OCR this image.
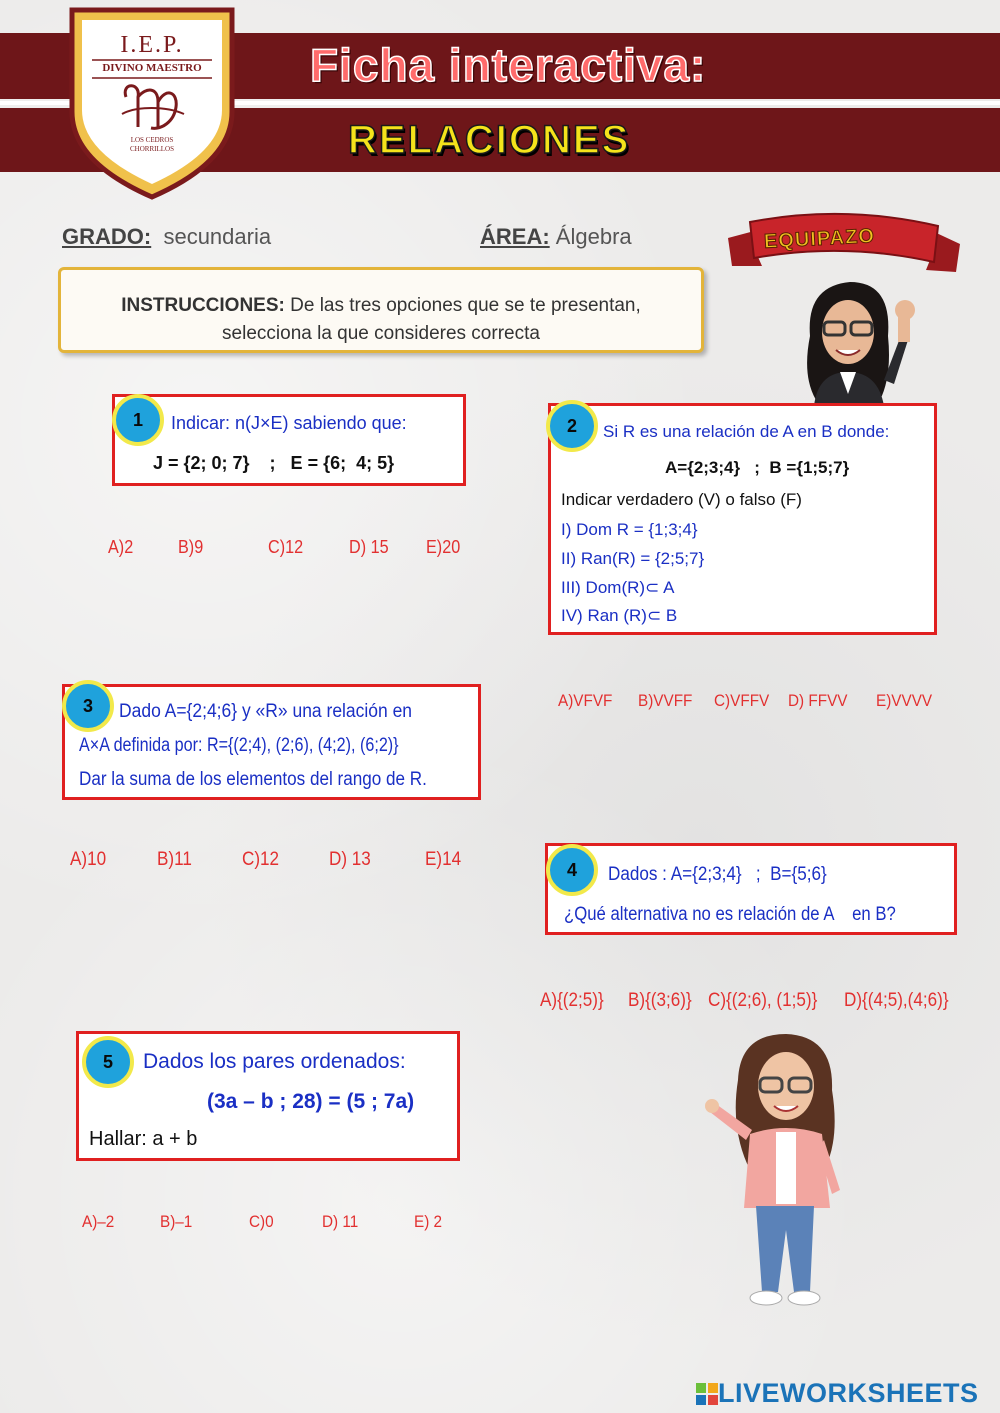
Ficha interactiva:
RELACIONES
I.E.P.
DIVINO MAESTRO
LOS CEDROS CHORRILLOS
GRADO: secundaria	ÁREA: Álgebra	EQUIPAZO
INSTRUCCIONES: De las tres opciones que se te presentan,
selecciona la que consideres correcta
Indicar: n(J×E) sabiendo que:
J = {2; 0; 7}    ;   E = {6;  4; 5}
1
A)2 B)9	C)12	D) 15 E)20
Si R es una relación de A en B donde:
A={2;3;4}   ;  B ={1;5;7}
Indicar verdadero (V) o falso (F)
I) Dom R = {1;3;4}
II) Ran(R) = {2;5;7}
III) Dom(R)⊂ A
IV) Ran (R)⊂ B
2
A)VFVF B)VVFF C)VFFV D) FFVV E)VVVV
Dado A={2;4;6} y «R» una relación en
A×A definida por: R={(2;4), (2;6), (4;2), (6;2)}
Dar la suma de los elementos del rango de R.
3
A)10	B)11	C)12	D) 13	E)14
Dados : A={2;3;4}   ;  B={5;6}
¿Qué alternativa no es relación de A    en B?
4
A){(2;5)} B){(3;6)} C){(2;6), (1;5)} D){(4;5),(4;6)}
Dados los pares ordenados:
(3a – b ; 28) = (5 ; 7a)
Hallar: a + b
5
A)–2	B)–1	C)0	D) 11	E) 2
LIVEWORKSHEETS
